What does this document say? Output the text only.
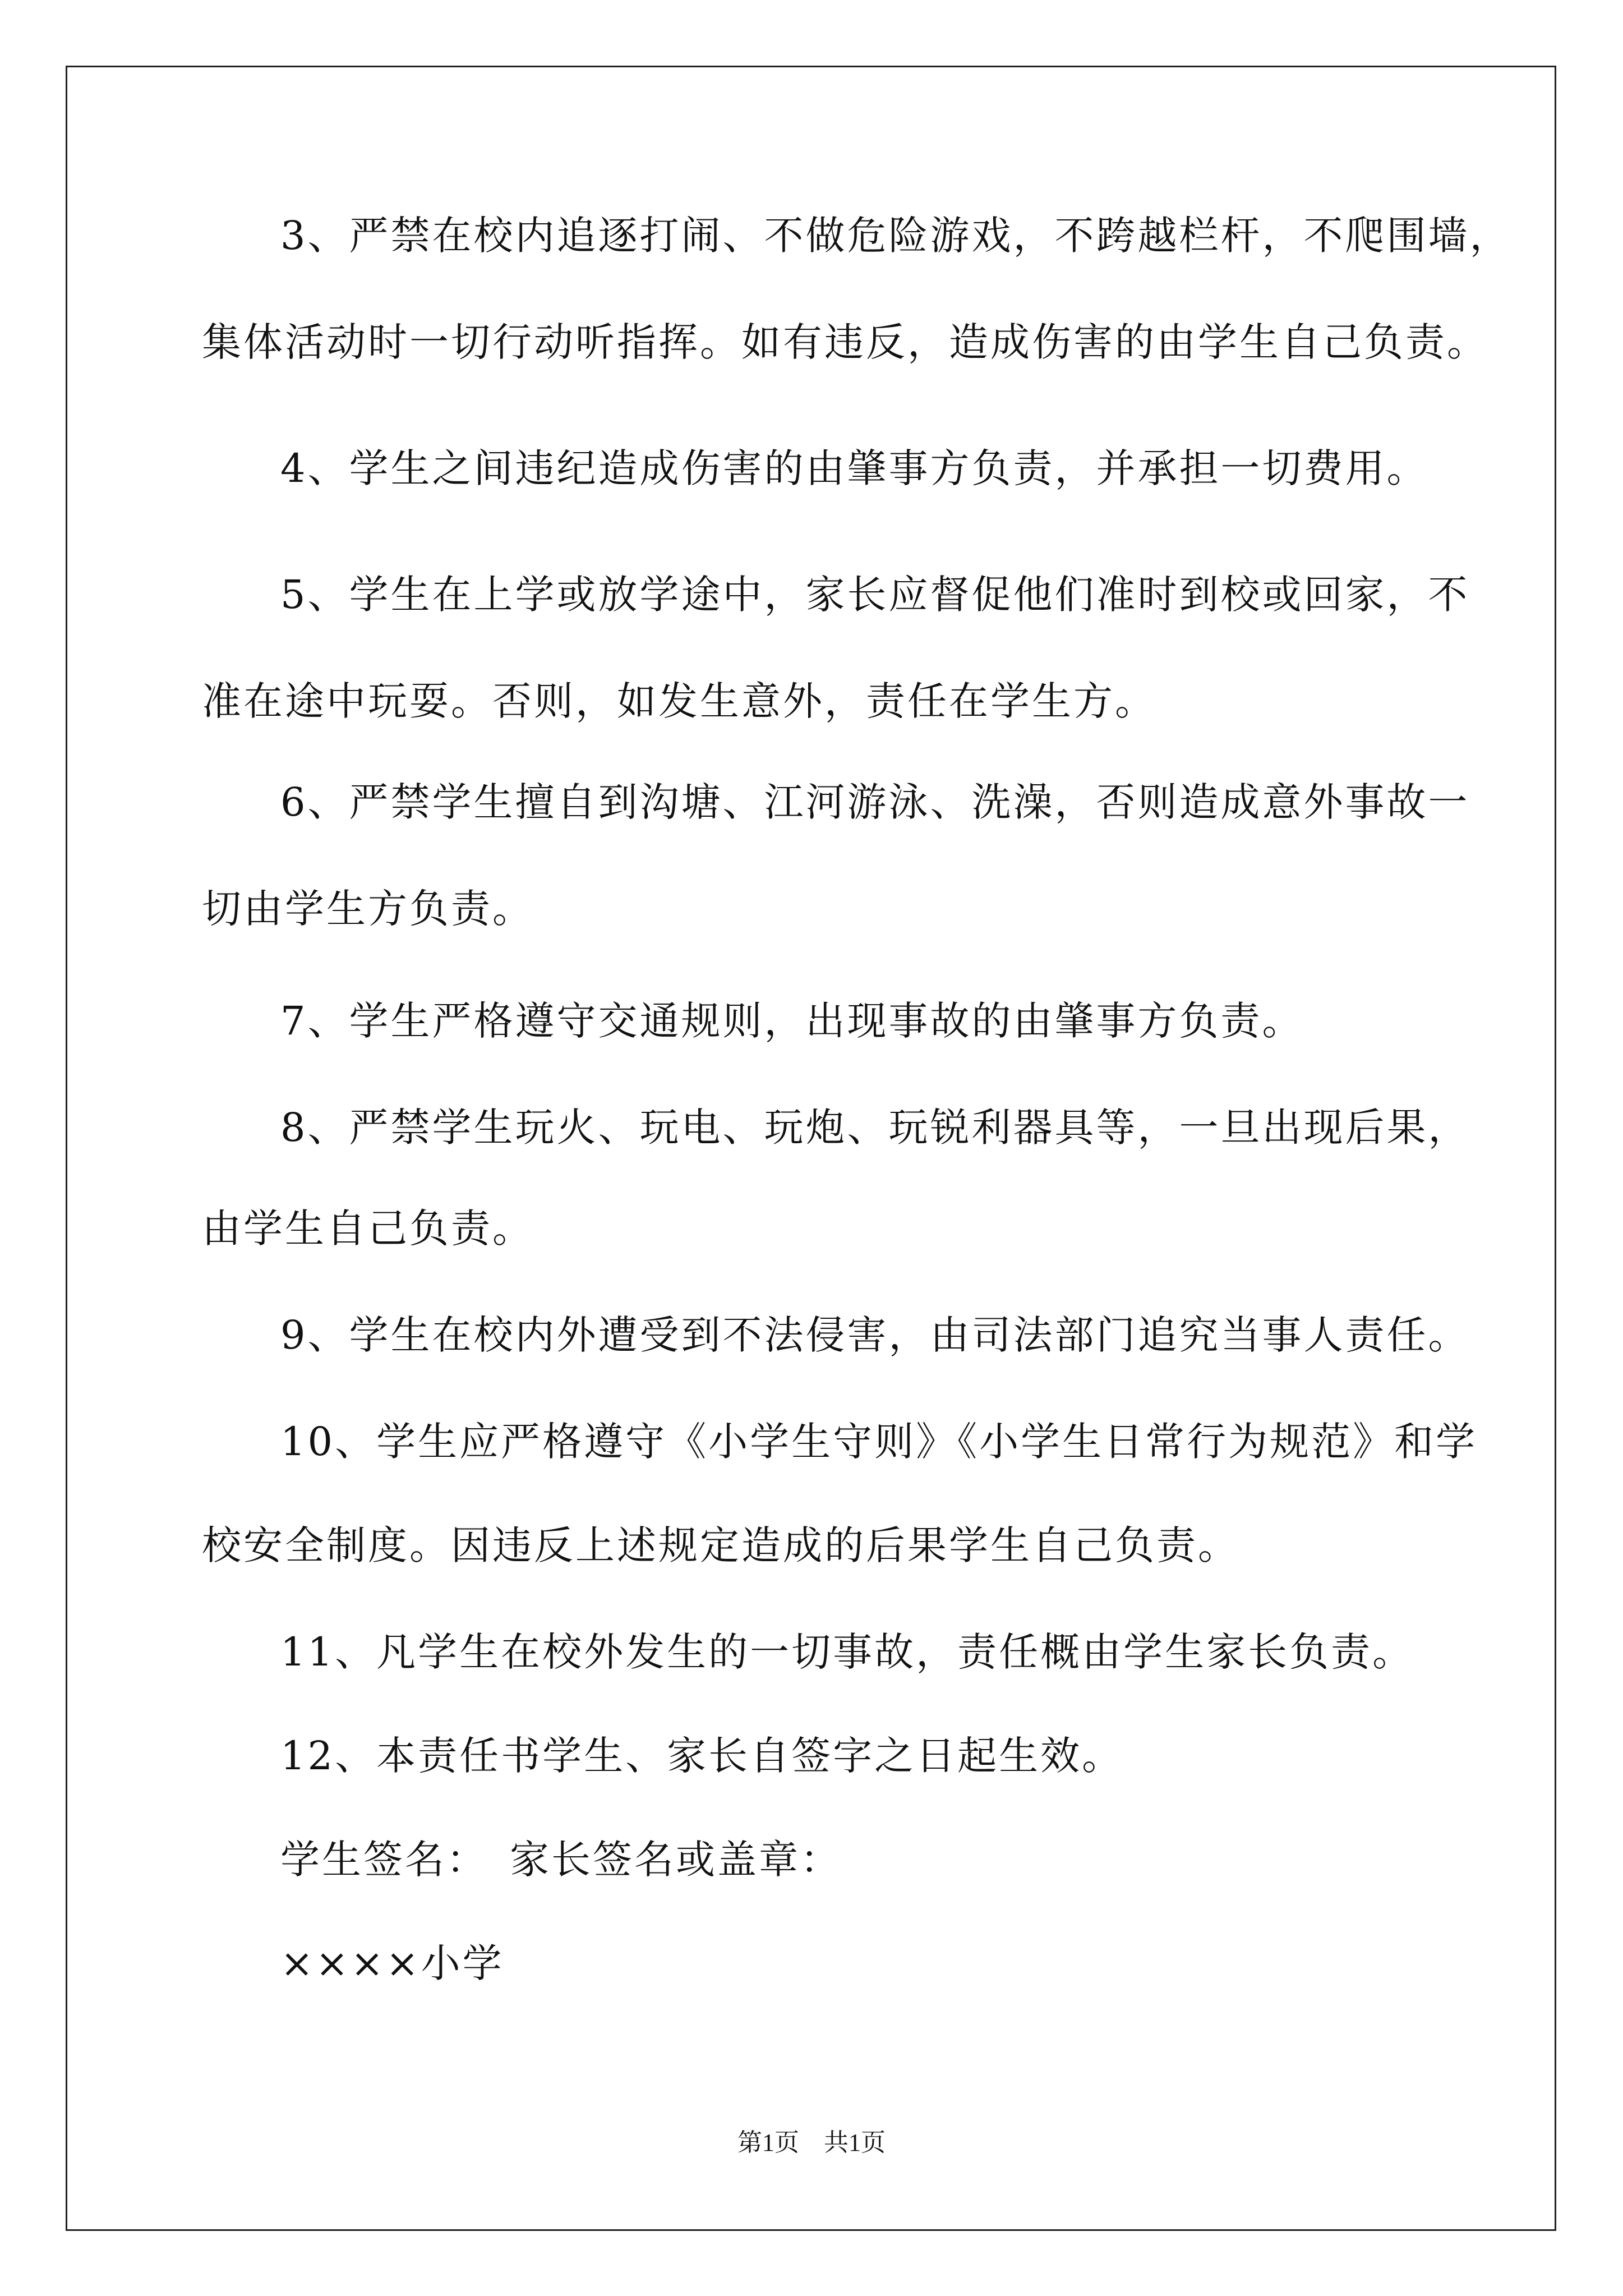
3、严禁在校内追逐打闹、不做危险游戏，不跨越栏杆，不爬围墙，
集体活动时一切行动听指挥。如有违反，造成伤害的由学生自己负责。
4、学生之间违纪造成伤害的由肇事方负责，并承担一切费用。
5、学生在上学或放学途中，家长应督促他们准时到校或回家，不
准在途中玩耍。否则，如发生意外，责任在学生方。
6、严禁学生擅自到沟塘、江河游泳、洗澡，否则造成意外事故一
切由学生方负责。
7、学生严格遵守交通规则，出现事故的由肇事方负责。
8、严禁学生玩火、玩电、玩炮、玩锐利器具等，一旦出现后果，
由学生自己负责。
9、学生在校内外遭受到不法侵害，由司法部门追究当事人责任。
10、学生应严格遵守《小学生守则》《小学生日常行为规范》和学
校安全制度。因违反上述规定造成的后果学生自己负责。
11、凡学生在校外发生的一切事故，责任概由学生家长负责。
12、本责任书学生、家长自签字之日起生效。
学生签名：　家长签名或盖章：
××××小学
第1页　共1页
